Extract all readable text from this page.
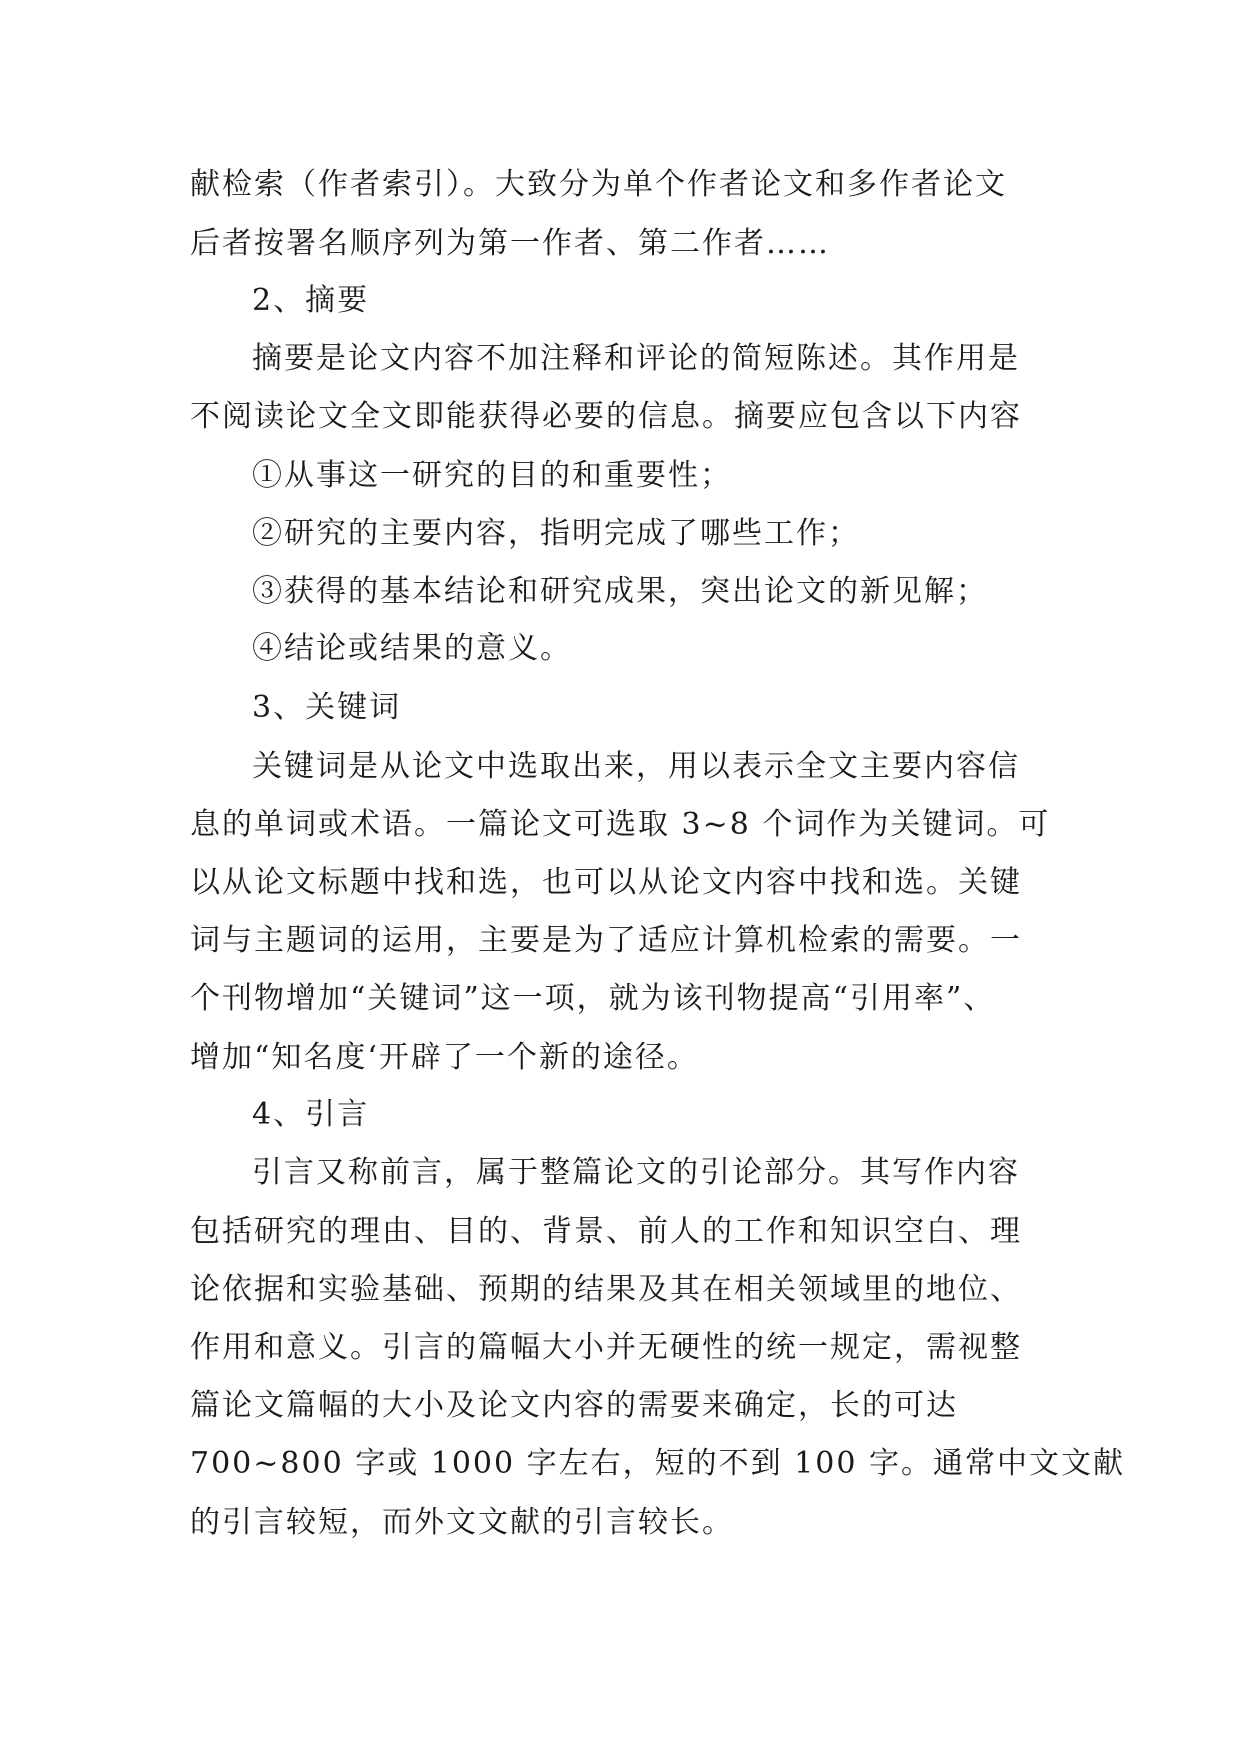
献检索（作者索引）。大致分为单个作者论文和多作者论文
后者按署名顺序列为第一作者、第二作者……
2、摘要
摘要是论文内容不加注释和评论的简短陈述。其作用是
不阅读论文全文即能获得必要的信息。摘要应包含以下内容
①从事这一研究的目的和重要性；
②研究的主要内容，指明完成了哪些工作；
③获得的基本结论和研究成果，突出论文的新见解；
④结论或结果的意义。
3、关键词
关键词是从论文中选取出来，用以表示全文主要内容信
息的单词或术语。一篇论文可选取 3~8 个词作为关键词。可
以从论文标题中找和选，也可以从论文内容中找和选。关键
词与主题词的运用，主要是为了适应计算机检索的需要。一
个刊物增加“关键词”这一项，就为该刊物提高“引用率”、
增加“知名度‘开辟了一个新的途径。
4、引言
引言又称前言，属于整篇论文的引论部分。其写作内容
包括研究的理由、目的、背景、前人的工作和知识空白、理
论依据和实验基础、预期的结果及其在相关领域里的地位、
作用和意义。引言的篇幅大小并无硬性的统一规定，需视整
篇论文篇幅的大小及论文内容的需要来确定，长的可达
700~800 字或 1000 字左右，短的不到 100 字。通常中文文献
的引言较短，而外文文献的引言较长。
